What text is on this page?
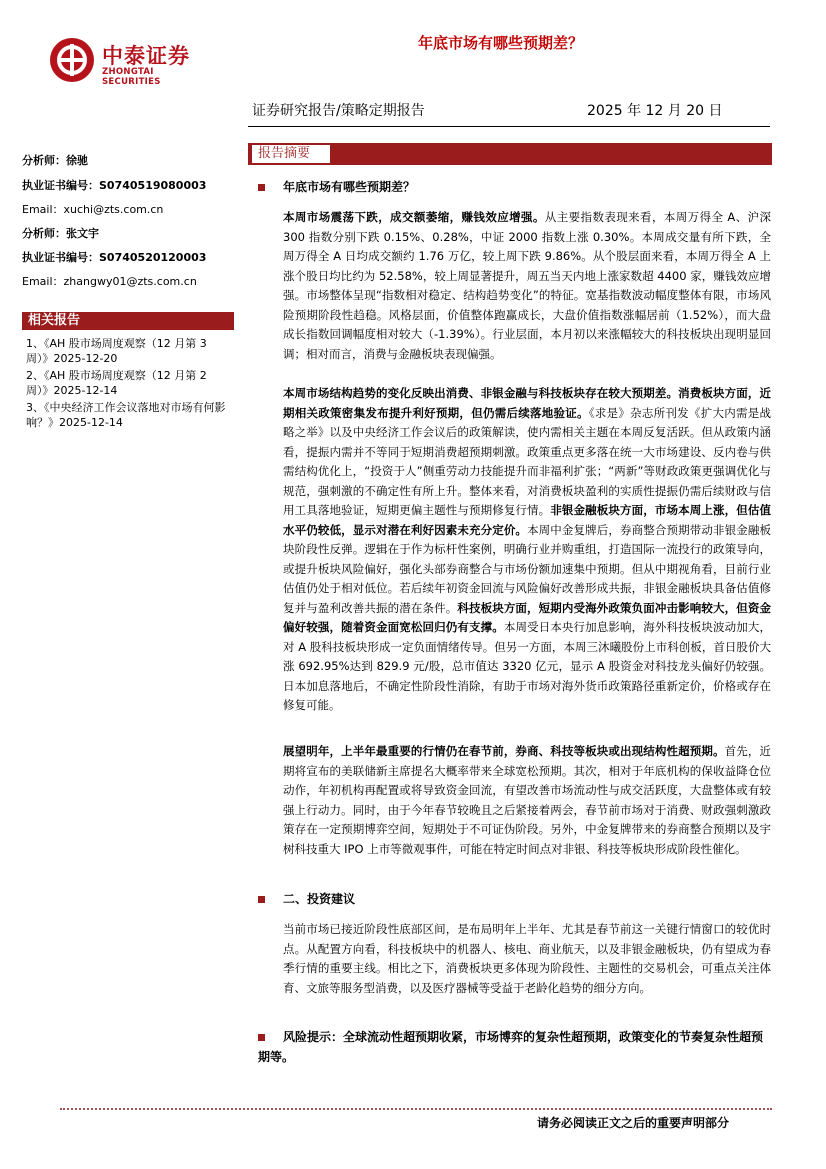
中泰证券
ZHONGTAI SECURITIES
年底市场有哪些预期差？
证券研究报告/策略定期报告	2025 年 12 月 20 日
分析师：徐驰
执业证书编号：S0740519080003
Email：xuchi@zts.com.cn
分析师：张文宇
执业证书编号：S0740520120003
Email：zhangwy01@zts.com.cn
相关报告
1、《AH 股市场周度观察（12 月第 3 周）》2025-12-20
2、《AH 股市场周度观察（12 月第 2 周）》2025-12-14
3、《中央经济工作会议落地对市场有何影响？》2025-12-14
报告摘要
年底市场有哪些预期差？
本周市场震荡下跌，成交额萎缩，赚钱效应增强。从主要指数表现来看，本周万得全 A、沪深 300 指数分别下跌 0.15%、0.28%，中证 2000 指数上涨 0.30%。本周成交量有所下跌，全周万得全 A 日均成交额约 1.76 万亿，较上周下跌 9.86%。从个股层面来看，本周万得全 A 上涨个股日均比约为 52.58%，较上周显著提升，周五当天内地上涨家数超 4400 家，赚钱效应增强。市场整体呈现“指数相对稳定、结构趋势变化”的特征。宽基指数波动幅度整体有限，市场风险预期阶段性趋稳。风格层面，价值整体跑赢成长，大盘价值指数涨幅居前（1.52%），而大盘成长指数回调幅度相对较大（-1.39%）。行业层面，本月初以来涨幅较大的科技板块出现明显回调；相对而言，消费与金融板块表现偏强。
本周市场结构趋势的变化反映出消费、非银金融与科技板块存在较大预期差。消费板块方面，近期相关政策密集发布提升利好预期，但仍需后续落地验证。《求是》杂志所刊发《扩大内需是战略之举》以及中央经济工作会议后的政策解读，使内需相关主题在本周反复活跃。但从政策内涵看，提振内需并不等同于短期消费超预期刺激。政策重点更多落在统一大市场建设、反内卷与供需结构优化上，“投资于人”侧重劳动力技能提升而非福利扩张；“两新”等财政政策更强调优化与规范，强刺激的不确定性有所上升。整体来看，对消费板块盈利的实质性提振仍需后续财政与信用工具落地验证，短期更偏主题性与预期修复行情。非银金融板块方面，市场本周上涨，但估值水平仍较低，显示对潜在利好因素未充分定价。本周中金复牌后，券商整合预期带动非银金融板块阶段性反弹。逻辑在于作为标杆性案例，明确行业并购重组，打造国际一流投行的政策导向，或提升板块风险偏好，强化头部券商整合与市场份额加速集中预期。但从中期视角看，目前行业估值仍处于相对低位。若后续年初资金回流与风险偏好改善形成共振，非银金融板块具备估值修复并与盈利改善共振的潜在条件。科技板块方面，短期内受海外政策负面冲击影响较大，但资金偏好较强，随着资金面宽松回归仍有支撑。本周受日本央行加息影响，海外科技板块波动加大，对 A 股科技板块形成一定负面情绪传导。但另一方面，本周三沐曦股份上市科创板，首日股价大涨 692.95%达到 829.9 元/股，总市值达 3320 亿元，显示 A 股资金对科技龙头偏好仍较强。日本加息落地后，不确定性阶段性消除，有助于市场对海外货币政策路径重新定价，价格或存在修复可能。
展望明年，上半年最重要的行情仍在春节前，券商、科技等板块或出现结构性超预期。首先，近期将宣布的美联储新主席提名大概率带来全球宽松预期。其次，相对于年底机构的保收益降仓位动作，年初机构再配置或将导致资金回流，有望改善市场流动性与成交活跃度，大盘整体或有较强上行动力。同时，由于今年春节较晚且之后紧接着两会，春节前市场对于消费、财政强刺激政策存在一定预期博弈空间，短期处于不可证伪阶段。另外，中金复牌带来的券商整合预期以及宇树科技重大 IPO 上市等微观事件，可能在特定时间点对非银、科技等板块形成阶段性催化。
二、投资建议
当前市场已接近阶段性底部区间，是布局明年上半年、尤其是春节前这一关键行情窗口的较优时点。从配置方向看，科技板块中的机器人、核电、商业航天，以及非银金融板块，仍有望成为春季行情的重要主线。相比之下，消费板块更多体现为阶段性、主题性的交易机会，可重点关注体育、文旅等服务型消费，以及医疗器械等受益于老龄化趋势的细分方向。
风险提示：全球流动性超预期收紧，市场博弈的复杂性超预期，政策变化的节奏复杂性超预期等。
请务必阅读正文之后的重要声明部分
